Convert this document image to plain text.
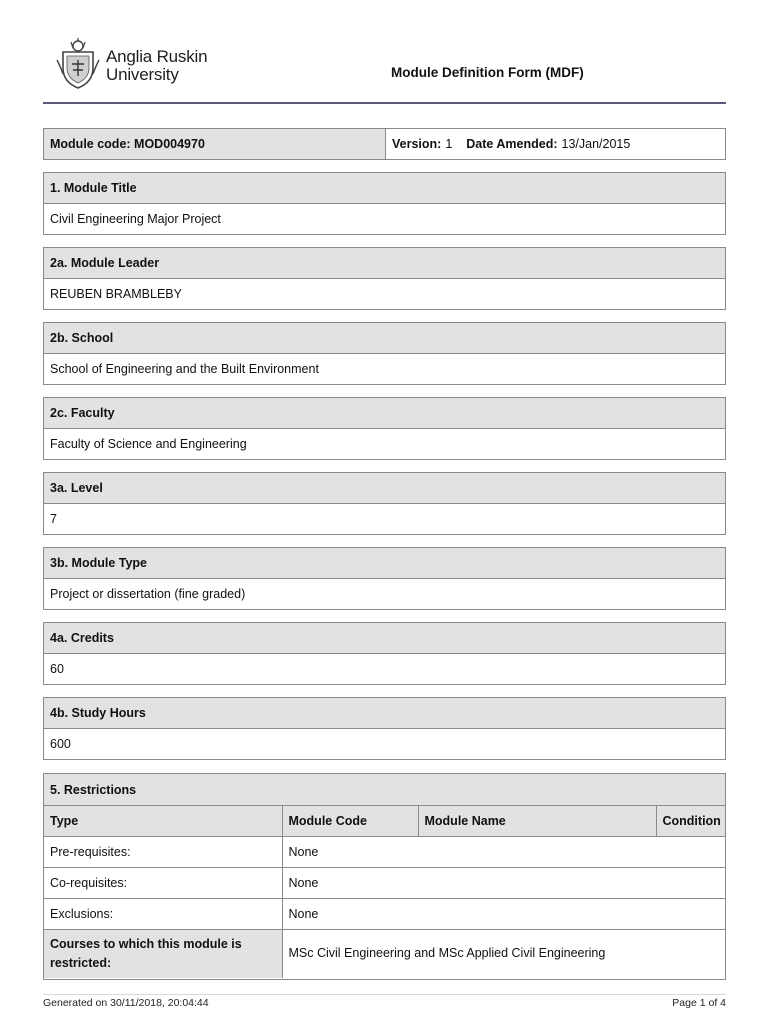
Anglia Ruskin
University	Module Definition Form (MDF)
Module code: MOD004970	Version: 1 Date Amended: 13/Jan/2015
1. Module Title
Civil Engineering Major Project
2a. Module Leader
REUBEN BRAMBLEBY
2b. School
School of Engineering and the Built Environment
2c. Faculty
Faculty of Science and Engineering
3a. Level
7
3b. Module Type
Project or dissertation (fine graded)
4a. Credits
60
4b. Study Hours
600
5. Restrictions
Type	Module Code	Module Name	Condition
Pre-requisites:	None		
Co-requisites:	None		
Exclusions:	None		
Courses to which this module is restricted:	MSc Civil Engineering and MSc Applied Civil Engineering		
Generated on 30/11/2018, 20:04:44	Page 1 of 4
